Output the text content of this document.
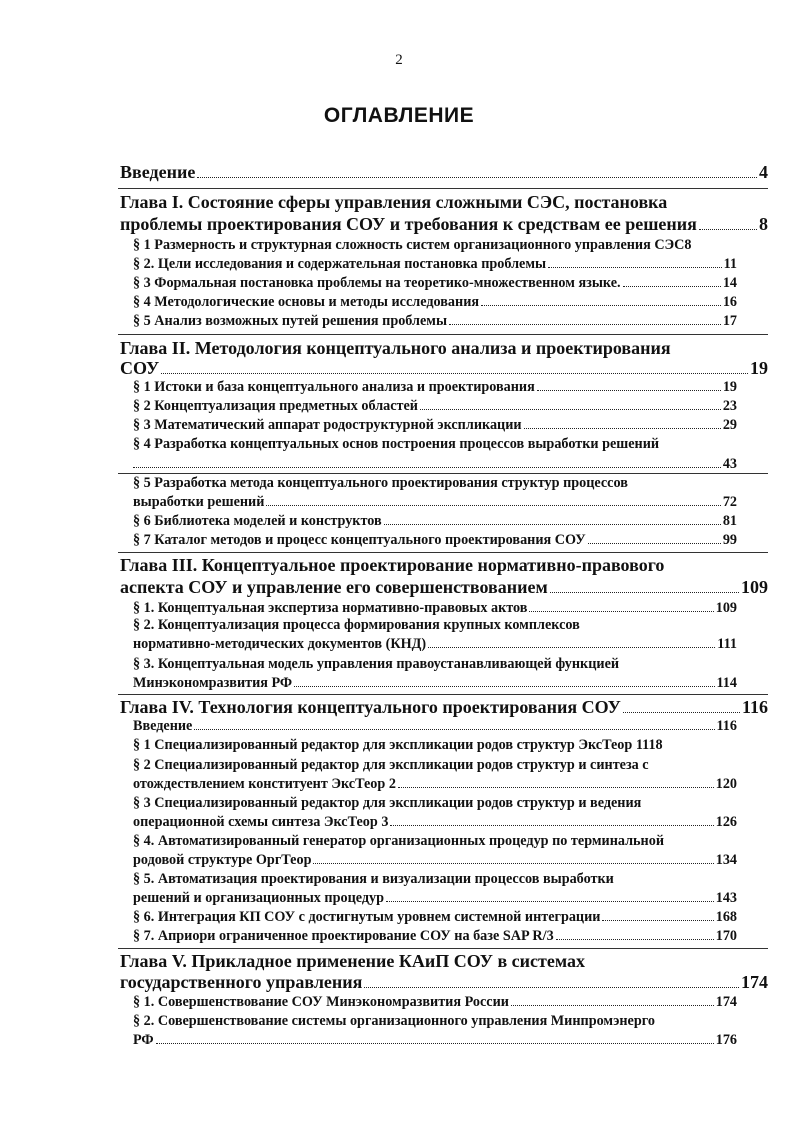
2
ОГЛАВЛЕНИЕ
Введение	4
Глава I. Состояние сферы управления сложными СЭС, постановка
проблемы проектирования СОУ и требования к средствам ее решения	8
§ 1 Размерность и структурная сложность систем организационного управления СЭС8
§ 2. Цели исследования и содержательная постановка проблемы	11
§ 3 Формальная постановка проблемы на теоретико-множественном языке.	14
§ 4 Методологические основы и методы исследования	16
§ 5 Анализ возможных путей решения проблемы	17
Глава II. Методология концептуального анализа и проектирования
СОУ	19
§ 1 Истоки и база концептуального анализа и проектирования	19
§ 2 Концептуализация предметных областей	23
§ 3 Математический аппарат родоструктурной экспликации	29
§ 4 Разработка концептуальных основ построения процессов выработки решений
43
§ 5 Разработка метода концептуального проектирования структур процессов
выработки решений	72
§ 6 Библиотека моделей и конструктов	81
§ 7 Каталог методов и процесс концептуального проектирования СОУ	99
Глава III. Концептуальное проектирование нормативно-правового
аспекта СОУ и управление его совершенствованием	109
§ 1. Концептуальная экспертиза нормативно-правовых актов	109
§ 2. Концептуализация процесса формирования крупных комплексов
нормативно-методических документов (КНД)	111
§ 3. Концептуальная модель управления правоустанавливающей функцией
Минэкономразвития РФ	114
Глава IV. Технология концептуального проектирования СОУ	116
Введение	116
§ 1 Специализированный редактор для экспликации родов структур ЭксТеор 1118
§ 2 Специализированный редактор для экспликации родов структур и синтеза с
отождествлением конституент ЭксТеор 2	120
§ 3 Специализированный редактор для экспликации родов структур и ведения
операционной схемы синтеза ЭксТеор 3	126
§ 4. Автоматизированный генератор организационных процедур по терминальной
родовой структуре ОргТеор	134
§ 5. Автоматизация проектирования и визуализации процессов выработки
решений и организационных процедур	143
§ 6. Интеграция КП СОУ с достигнутым уровнем системной интеграции	168
§ 7. Априори ограниченное проектирование СОУ на базе SAP R/3	170
Глава V. Прикладное применение КАиП СОУ в системах
государственного управления	174
§ 1. Совершенствование СОУ Минэкономразвития России	174
§ 2. Совершенствование системы организационного управления Минпромэнерго
РФ	176
